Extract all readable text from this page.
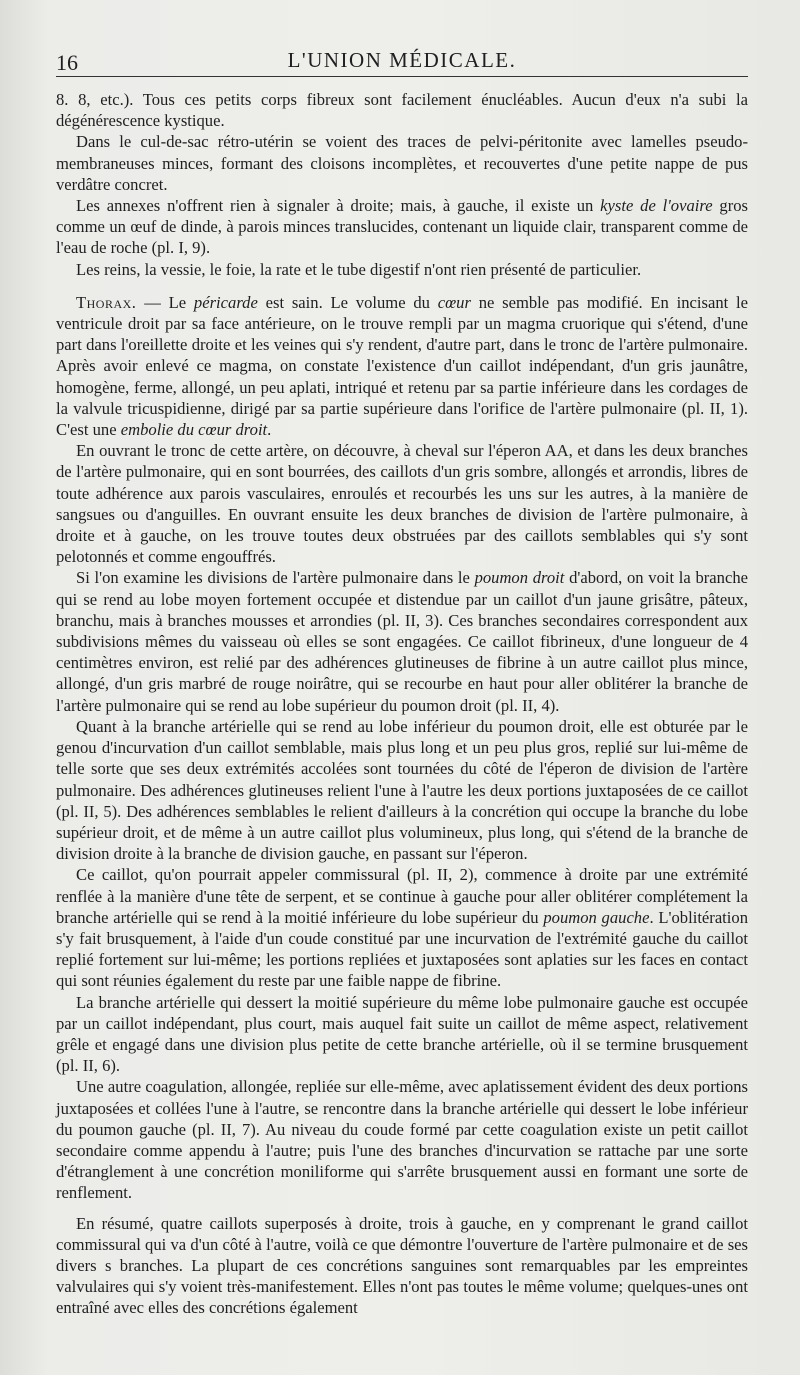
16	L'UNION MÉDICALE.

8. 8, etc.). Tous ces petits corps fibreux sont facilement énucléables. Aucun d'eux n'a subi la dégénérescence kystique.

Dans le cul-de-sac rétro-utérin se voient des traces de pelvi-péritonite avec lamelles pseudo-membraneuses minces, formant des cloisons incomplètes, et recouvertes d'une petite nappe de pus verdâtre concret.

Les annexes n'offrent rien à signaler à droite; mais, à gauche, il existe un kyste de l'ovaire gros comme un œuf de dinde, à parois minces translucides, contenant un liquide clair, transparent comme de l'eau de roche (pl. I, 9).

Les reins, la vessie, le foie, la rate et le tube digestif n'ont rien présenté de particulier.

Thorax. — Le péricarde est sain. Le volume du cœur ne semble pas modifié. En incisant le ventricule droit par sa face antérieure, on le trouve rempli par un magma cruorique qui s'étend, d'une part dans l'oreillette droite et les veines qui s'y rendent, d'autre part, dans le tronc de l'artère pulmonaire. Après avoir enlevé ce magma, on constate l'existence d'un caillot indépendant, d'un gris jaunâtre, homogène, ferme, allongé, un peu aplati, intriqué et retenu par sa partie inférieure dans les cordages de la valvule tricuspidienne, dirigé par sa partie supérieure dans l'orifice de l'artère pulmonaire (pl. II, 1). C'est une embolie du cœur droit.

En ouvrant le tronc de cette artère, on découvre, à cheval sur l'éperon AA, et dans les deux branches de l'artère pulmonaire, qui en sont bourrées, des caillots d'un gris sombre, allongés et arrondis, libres de toute adhérence aux parois vasculaires, enroulés et recourbés les uns sur les autres, à la manière de sangsues ou d'anguilles. En ouvrant ensuite les deux branches de division de l'artère pulmonaire, à droite et à gauche, on les trouve toutes deux obstruées par des caillots semblables qui s'y sont pelotonnés et comme engouffrés.

Si l'on examine les divisions de l'artère pulmonaire dans le poumon droit d'abord, on voit la branche qui se rend au lobe moyen fortement occupée et distendue par un caillot d'un jaune grisâtre, pâteux, branchu, mais à branches mousses et arrondies (pl. II, 3). Ces branches secondaires correspondent aux subdivisions mêmes du vaisseau où elles se sont engagées. Ce caillot fibrineux, d'une longueur de 4 centimètres environ, est relié par des adhérences glutineuses de fibrine à un autre caillot plus mince, allongé, d'un gris marbré de rouge noirâtre, qui se recourbe en haut pour aller oblitérer la branche de l'artère pulmonaire qui se rend au lobe supérieur du poumon droit (pl. II, 4).

Quant à la branche artérielle qui se rend au lobe inférieur du poumon droit, elle est obturée par le genou d'incurvation d'un caillot semblable, mais plus long et un peu plus gros, replié sur lui-même de telle sorte que ses deux extrémités accolées sont tournées du côté de l'éperon de division de l'artère pulmonaire. Des adhérences glutineuses relient l'une à l'autre les deux portions juxtaposées de ce caillot (pl. II, 5). Des adhérences semblables le relient d'ailleurs à la concrétion qui occupe la branche du lobe supérieur droit, et de même à un autre caillot plus volumineux, plus long, qui s'étend de la branche de division droite à la branche de division gauche, en passant sur l'éperon.

Ce caillot, qu'on pourrait appeler commissural (pl. II, 2), commence à droite par une extrémité renflée à la manière d'une tête de serpent, et se continue à gauche pour aller oblitérer complétement la branche artérielle qui se rend à la moitié inférieure du lobe supérieur du poumon gauche. L'oblitération s'y fait brusquement, à l'aide d'un coude constitué par une incurvation de l'extrémité gauche du caillot replié fortement sur lui-même; les portions repliées et juxtaposées sont aplaties sur les faces en contact qui sont réunies également du reste par une faible nappe de fibrine.

La branche artérielle qui dessert la moitié supérieure du même lobe pulmonaire gauche est occupée par un caillot indépendant, plus court, mais auquel fait suite un caillot de même aspect, relativement grêle et engagé dans une division plus petite de cette branche artérielle, où il se termine brusquement (pl. II, 6).

Une autre coagulation, allongée, repliée sur elle-même, avec aplatissement évident des deux portions juxtaposées et collées l'une à l'autre, se rencontre dans la branche artérielle qui dessert le lobe inférieur du poumon gauche (pl. II, 7). Au niveau du coude formé par cette coagulation existe un petit caillot secondaire comme appendu à l'autre; puis l'une des branches d'incurvation se rattache par une sorte d'étranglement à une concrétion moniliforme qui s'arrête brusquement aussi en formant une sorte de renflement.

En résumé, quatre caillots superposés à droite, trois à gauche, en y comprenant le grand caillot commissural qui va d'un côté à l'autre, voilà ce que démontre l'ouverture de l'artère pulmonaire et de ses divers s branches. La plupart de ces concrétions sanguines sont remarquables par les empreintes valvulaires qui s'y voient très-manifestement. Elles n'ont pas toutes le même volume; quelques-unes ont entraîné avec elles des concrétions également
